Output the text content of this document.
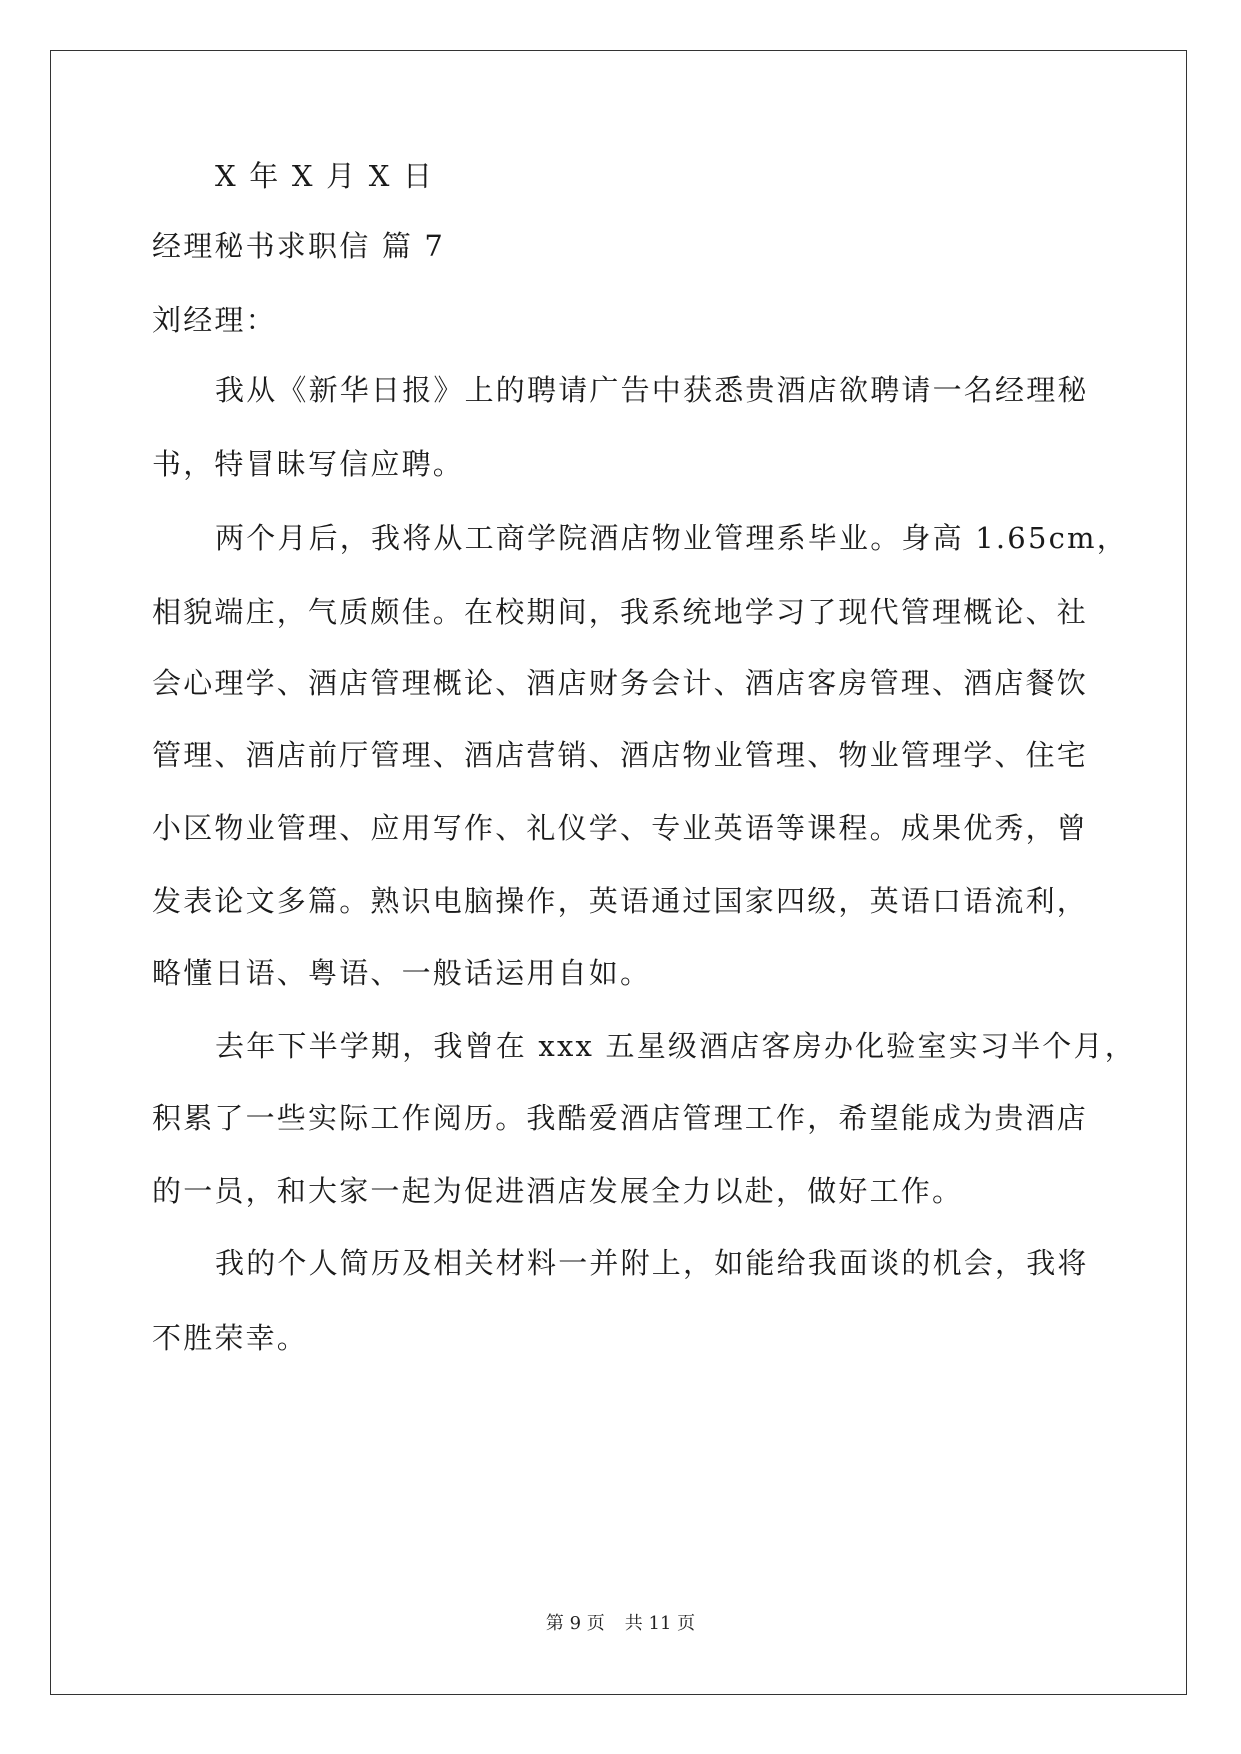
X 年 X 月 X 日
经理秘书求职信 篇 7
刘经理：
我从《新华日报》上的聘请广告中获悉贵酒店欲聘请一名经理秘
书，特冒昧写信应聘。
两个月后，我将从工商学院酒店物业管理系毕业。身高 1.65cm，
相貌端庄，气质颇佳。在校期间，我系统地学习了现代管理概论、社
会心理学、酒店管理概论、酒店财务会计、酒店客房管理、酒店餐饮
管理、酒店前厅管理、酒店营销、酒店物业管理、物业管理学、住宅
小区物业管理、应用写作、礼仪学、专业英语等课程。成果优秀，曾
发表论文多篇。熟识电脑操作，英语通过国家四级，英语口语流利，
略懂日语、粤语、一般话运用自如。
去年下半学期，我曾在 xxx 五星级酒店客房办化验室实习半个月，
积累了一些实际工作阅历。我酷爱酒店管理工作，希望能成为贵酒店
的一员，和大家一起为促进酒店发展全力以赴，做好工作。
我的个人简历及相关材料一并附上，如能给我面谈的机会，我将
不胜荣幸。
第 9 页 共 11 页
